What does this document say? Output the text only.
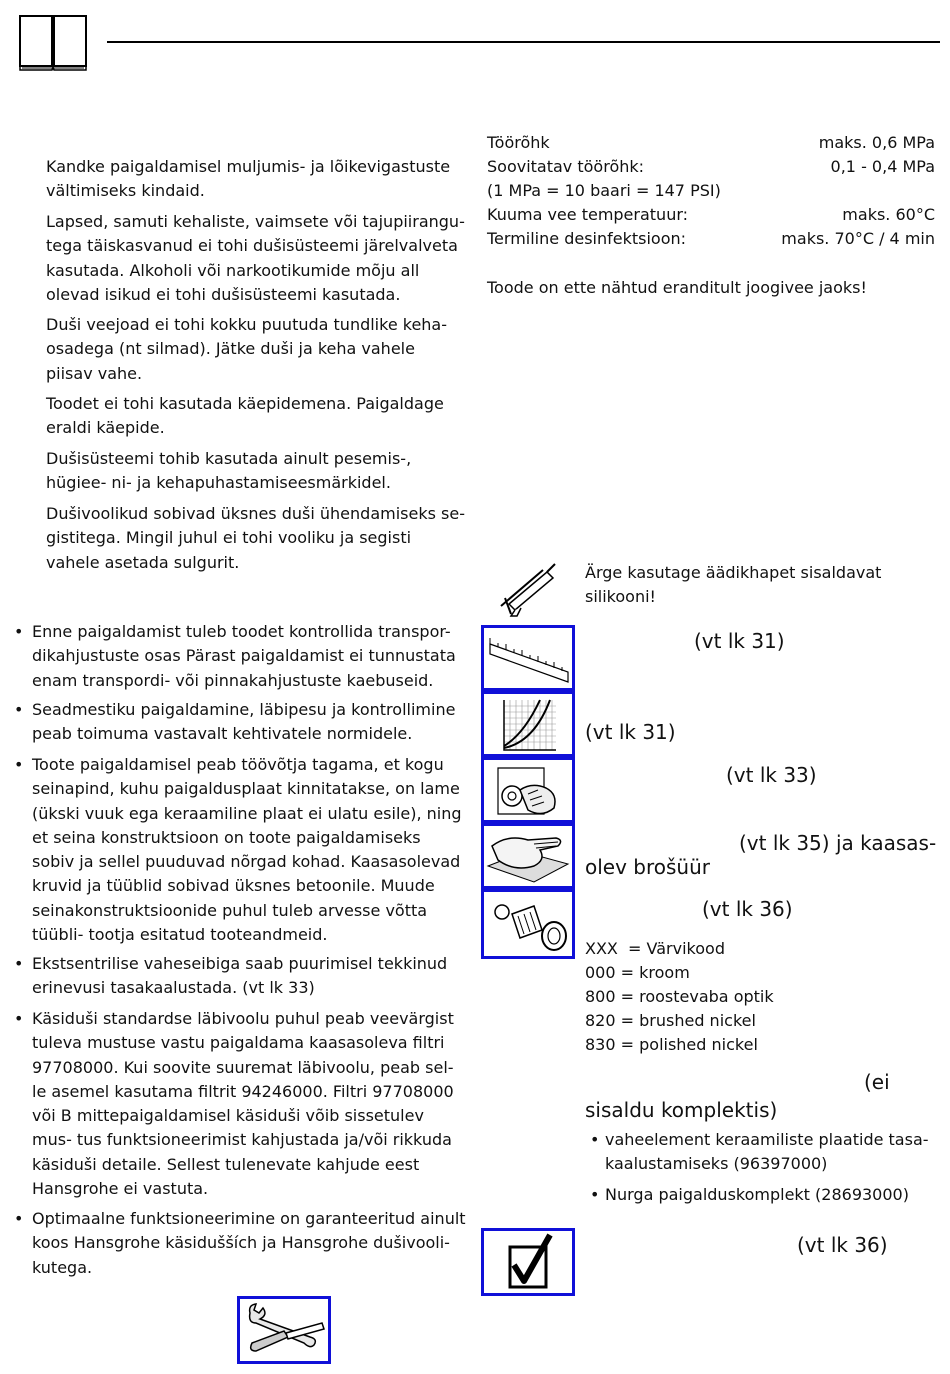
Kandke paigaldamisel muljumis- ja lõikevigastuste vältimiseks kindaid.

Lapsed, samuti kehaliste, vaimsete või tajupiirangu- tega täiskasvanud ei tohi dušisüsteemi järelvalveta kasutada. Alkoholi või narkootikumide mõju all olevad isikud ei tohi dušisüsteemi kasutada.

Duši veejoad ei tohi kokku puutuda tundlike keha- osadega (nt silmad). Jätke duši ja keha vahele piisav vahe.

Toodet ei tohi kasutada käepidemena. Paigaldage eraldi käepide.

Dušisüsteemi tohib kasutada ainult pesemis-, hügiee- ni- ja kehapuhastamiseesmärkidel.

Dušivoolikud sobivad üksnes duši ühendamiseks se- gistitega. Mingil juhul ei tohi vooliku ja segisti vahele asetada sulgurit.

• Enne paigaldamist tuleb toodet kontrollida transpor- dikahjustuste osas Pärast paigaldamist ei tunnustata enam transpordi- või pinnakahjustuste kaebuseid.
• Seadmestiku paigaldamine, läbipesu ja kontrollimine peab toimuma vastavalt kehtivatele normidele.
• Toote paigaldamisel peab töövõtja tagama, et kogu seinapind, kuhu paigaldusplaat kinnitatakse, on lame (ükski vuuk ega keraamiline plaat ei ulatu esile), ning et seina konstruktsioon on toote paigaldamiseks sobiv ja sellel puuduvad nõrgad kohad. Kaasasolevad kruvid ja tüüblid sobivad üksnes betoonile. Muude seinakonstruktsioonide puhul tuleb arvesse võtta tüübli- tootja esitatud tooteandmeid.
• Ekstsentrilise vaheseibiga saab puurimisel tekkinud erinevusi tasakaalustada. (vt lk 33)
• Käsiduši standardse läbivoolu puhul peab veevärgist tuleva mustuse vastu paigaldama kaasasoleva filtri 97708000. Kui soovite suuremat läbivoolu, peab sel- le asemel kasutama filtrit 94246000. Filtri 97708000 või B mittepaigaldamisel käsiduši võib sissetulev mus- tus funktsioneerimist kahjustada ja/või rikkuda käsiduši detaile. Sellest tulenevate kahjude eest Hansgrohe ei vastuta.
• Optimaalne funktsioneerimine on garanteeritud ainult koos Hansgrohe käsidušších ja Hansgrohe dušivooli- kutega.
Töörõhk	maks. 0,6 MPa
Soovitatav töörõhk:	0,1 - 0,4 MPa
(1 MPa = 10 baari = 147 PSI)
Kuuma vee temperatuur:	maks. 60°C
Termiline desinfektsioon:	maks. 70°C / 4 min
Toode on ette nähtud eranditult joogivee jaoks!
Ärge kasutage äädikhapet sisaldavat silikooni!
(vt lk 31)
(vt lk 31)
(vt lk 33)
(vt lk 35) ja kaasas-
olev brošüür
(vt lk 36)
XXX  = Värvikood
000 = kroom
800 = roostevaba optik
820 = brushed nickel
830 = polished nickel
(ei
sisaldu komplektis)
• vaheelement keraamiliste plaatide tasa- kaalustamiseks (96397000)
• Nurga paigalduskomplekt (28693000)
(vt lk 36)
